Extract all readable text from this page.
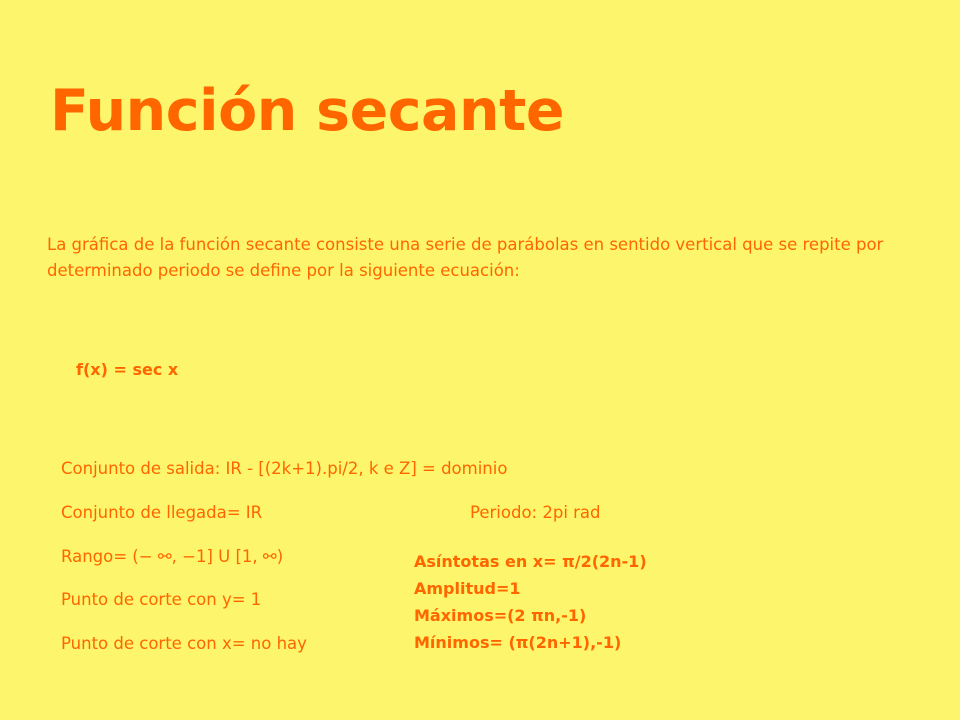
Función secante
La gráfica de la función secante consiste una serie de parábolas en sentido vertical que se repite por determinado periodo se define por la siguiente ecuación:
f(x) = sec x
Conjunto de salida: IR - [(2k+1).pi/2, k e Z] = dominio
Conjunto de llegada= IR
Rango= (− ⚯, −1] U [1, ⚯)
Punto de corte con y= 1
Punto de corte con x= no hay
Periodo: 2pi rad
Asíntotas en x= π/2(2n-1)
Amplitud=1
Máximos=(2 πn,-1)
Mínimos= (π(2n+1),-1)
